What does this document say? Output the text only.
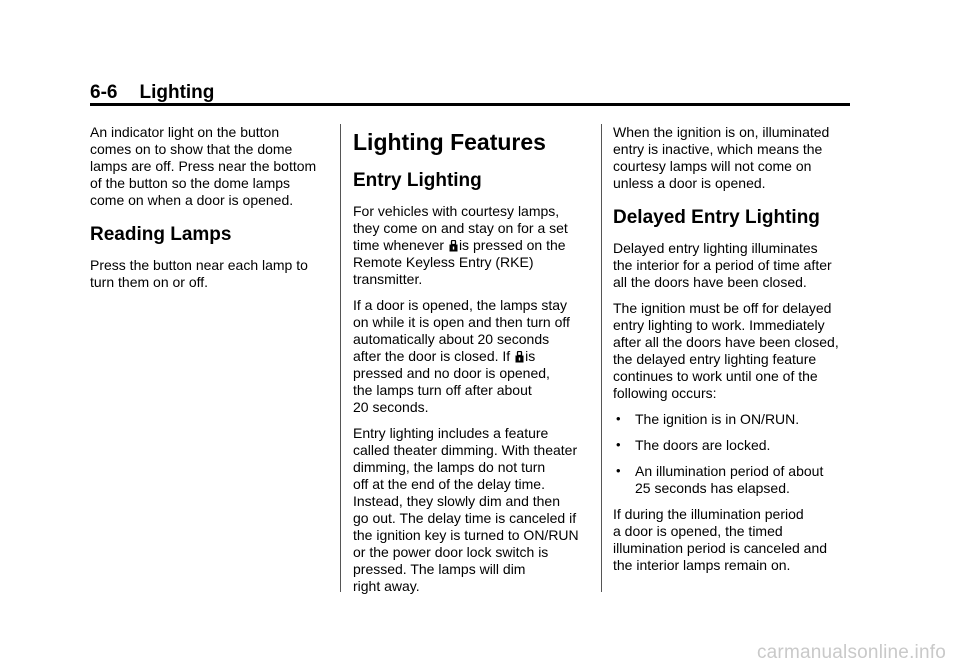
6-6 Lighting

An indicator light on the button
comes on to show that the dome
lamps are off. Press near the bottom
of the button so the dome lamps
come on when a door is opened.

Reading Lamps

Press the button near each lamp to
turn them on or off.

Lighting Features
Entry Lighting

For vehicles with courtesy lamps,
they come on and stay on for a set
time whenever is pressed on the
Remote Keyless Entry (RKE)
transmitter.

If a door is opened, the lamps stay
on while it is open and then turn off
automatically about 20 seconds
after the door is closed. If is
pressed and no door is opened,
the lamps turn off after about
20 seconds.

Entry lighting includes a feature
called theater dimming. With theater
dimming, the lamps do not turn
off at the end of the delay time.
Instead, they slowly dim and then
go out. The delay time is canceled if
the ignition key is turned to ON/RUN
or the power door lock switch is
pressed. The lamps will dim
right away.

When the ignition is on, illuminated
entry is inactive, which means the
courtesy lamps will not come on
unless a door is opened.

Delayed Entry Lighting

Delayed entry lighting illuminates
the interior for a period of time after
all the doors have been closed.

The ignition must be off for delayed
entry lighting to work. Immediately
after all the doors have been closed,
the delayed entry lighting feature
continues to work until one of the
following occurs:

• The ignition is in ON/RUN.
• The doors are locked.
• An illumination period of about
25 seconds has elapsed.

If during the illumination period
a door is opened, the timed
illumination period is canceled and
the interior lamps remain on.

carmanualsonline.info
